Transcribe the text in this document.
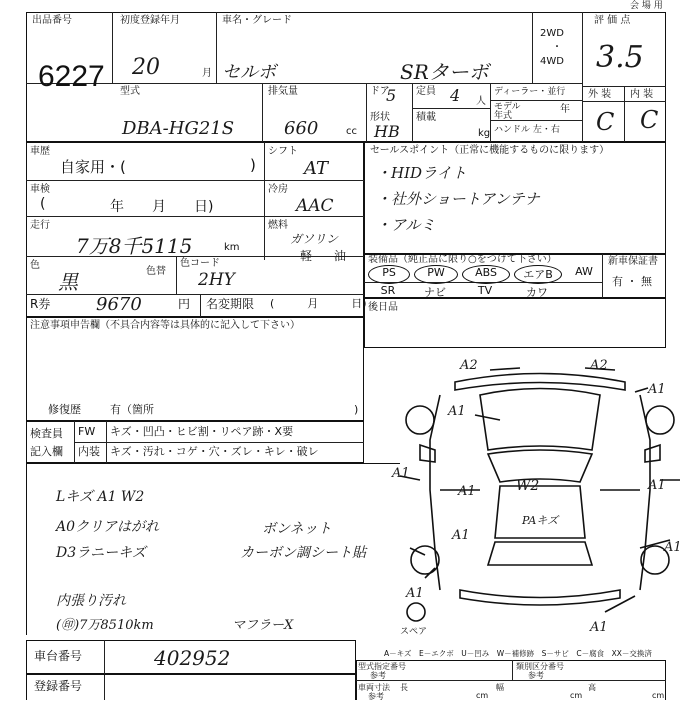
会 場 用
出品番号
6227
初度登録年月
20	月
車名・グレード
セルボ	SRターボ
2WD
・
4WD
評 価 点
3.5
外 装 内 装
C C
型式
DBA-HG21S
排気量
660	cc
ドア
5 定員 4 人
形状
HB
積載
kg
ディーラー・並行
モデル
年式
年
ハンドル 左・右
車歴
自家用・(	)
車検
(	年　　月　　日)
走行
7万8千5115	km
色
黒	色替
色コード
2HY
シフト
AT
冷房
AAC
燃料
ガソリン
軽 油
R券	9670	円 名変期限 (　　　月　　　日)
セールスポイント（正常に機能するものに限ります）
・HIDライト
・社外ショートアンテナ
・アルミ
装備品（純正品に限り○をつけて下さい）
PS	PW	ABS	エアB	AW
SR	ナビ	TV	カワ
新車保証書
有 ・ 無
後日品
注意事項申告欄（不具合内容等は具体的に記入して下さい）
修復歴	有（箇所	)
検査員
記入欄
FW キズ・凹凸・ヒビ割・リペア跡・X要
内装 キズ・汚れ・コゲ・穴・ズレ・キレ・破レ
Lキズ A1 W2
A0クリアはがれ
D3ラニーキズ
ボンネット
カーボン調シート貼
内張り汚れ
(㊞)7万8510km	マフラーX
A2	A2
A1
A1
A1
W2
A1	A1
PAキズ
A1
A1
A1
A1
スペア
A－キズ　E－エクボ　U－凹み　W－補修跡　S－サビ　C－腐食　XX－交換済
車台番号	402952
登録番号
型式指定番号
参考
類別区分番号
参考
車両寸法
参考
長
cm
幅
cm
高
cm
